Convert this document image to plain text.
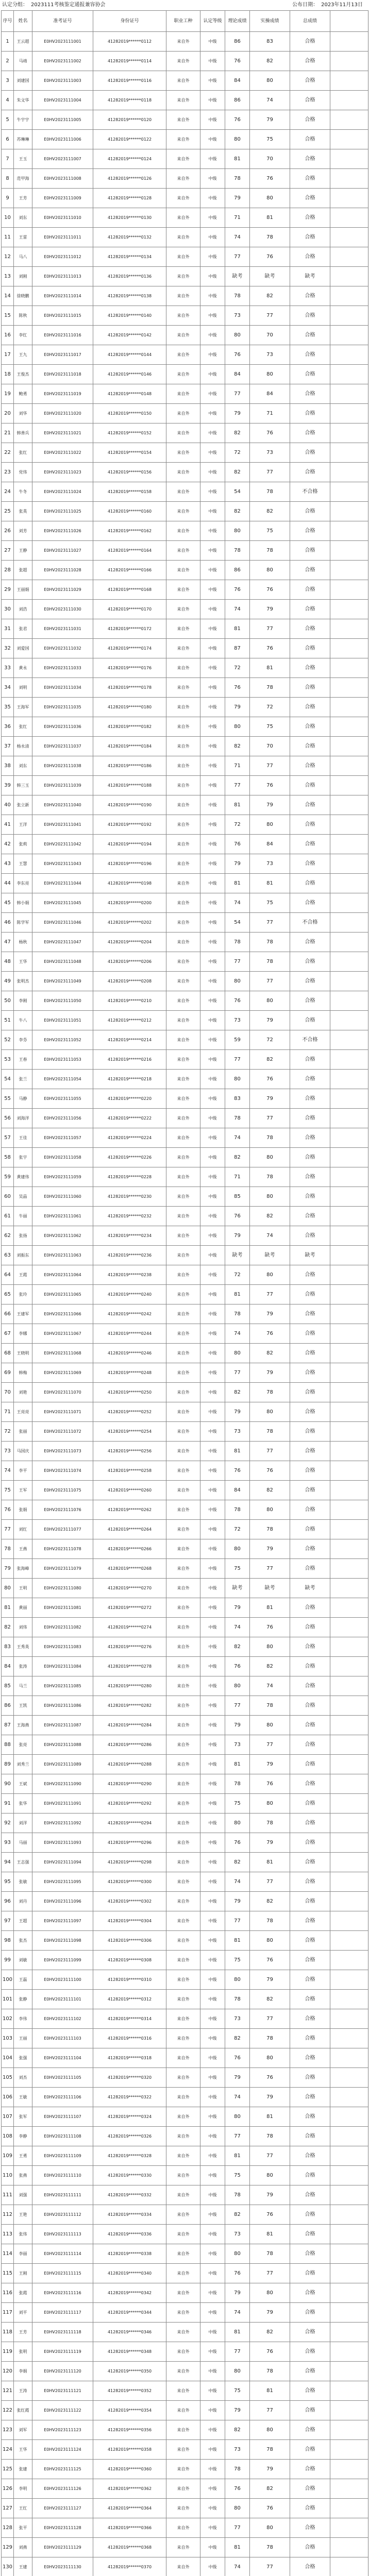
认定分组： 2023111考核鉴定通报兼容协会	公布日期： 2023年11月13日
序号	姓名	准考证号	身份证号	职业工种	认定等级	理论成绩	实操成绩	总成绩	
1	王云超	E0HV2023111001	41282019******0112	来自外	中级	86	83	合格	
2	马靖	E0HV2023111002	41282019******0114	来自外	中级	76	82	合格	
3	刘建国	E0HV2023111003	41282019******0116	来自外	中级	84	80	合格	
4	朱文华	E0HV2023111004	41282019******0118	来自外	中级	86	74	合格	
5	牛宇宇	E0HV2023111005	41282019******0120	来自外	中级	76	79	合格	
6	苏琳琳	E0HV2023111006	41282019******0122	来自外	中级	80	75	合格	
7	王玉	E0HV2023111007	41282019******0124	来自外	中级	81	70	合格	
8	范甲海	E0HV2023111008	41282019******0126	来自外	中级	78	76	合格	
9	王芳	E0HV2023111009	41282019******0128	来自外	中级	79	80	合格	
10	刘东	E0HV2023111010	41282019******0130	来自外	中级	71	81	合格	
11	王雷	E0HV2023111011	41282019******0132	来自外	中级	74	78	合格	
12	马八	E0HV2023111012	41282019******0134	来自外	中级	77	76	合格	
13	刘刚	E0HV2023111013	41282019******0136	来自外	中级	缺考	缺考	缺考	
14	徐晓鹏	E0HV2023111014	41282019******0138	来自外	中级	78	82	合格	
15	陈秋	E0HV2023111015	41282019******0140	来自外	中级	73	77	合格	
16	李红	E0HV2023111016	41282019******0142	来自外	中级	80	70	合格	
17	王九	E0HV2023111017	41282019******0144	来自外	中级	76	73	合格	
18	王俊杰	E0HV2023111018	41282019******0146	来自外	中级	84	80	合格	
19	鲍勇	E0HV2023111019	41282019******0148	来自外	中级	77	84	合格	
20	刘华	E0HV2023111020	41282019******0150	来自外	中级	79	71	合格	
21	韩善兵	E0HV2023111021	41282019******0152	来自外	中级	82	76	合格	
22	张红	E0HV2023111022	41282019******0154	来自外	中级	72	73	合格	
23	党伟	E0HV2023111023	41282019******0156	来自外	中级	82	77	合格	
24	牛冬	E0HV2023111024	41282019******0158	来自外	中级	54	78	不合格	
25	张英	E0HV2023111025	41282019******0160	来自外	中级	82	82	合格	
26	刘芳	E0HV2023111026	41282019******0162	来自外	中级	80	75	合格	
27	王静	E0HV2023111027	41282019******0164	来自外	中级	78	78	合格	
28	张超	E0HV2023111028	41282019******0166	来自外	中级	86	80	合格	
29	王丽娟	E0HV2023111029	41282019******0168	来自外	中级	76	76	合格	
30	刘浩	E0HV2023111030	41282019******0170	来自外	中级	74	79	合格	
31	张君	E0HV2023111031	41282019******0172	来自外	中级	81	77	合格	
32	刘爱国	E0HV2023111032	41282019******0174	来自外	中级	87	76	合格	
33	黄永	E0HV2023111033	41282019******0176	来自外	中级	72	81	合格	
34	刘明	E0HV2023111034	41282019******0178	来自外	中级	76	78	合格	
35	王海军	E0HV2023111035	41282019******0180	来自外	中级	79	72	合格	
36	张红	E0HV2023111036	41282019******0182	来自外	中级	80	75	合格	
37	杨永清	E0HV2023111037	41282019******0184	来自外	中级	82	70	合格	
38	刘东	E0HV2023111038	41282019******0186	来自外	中级	71	77	合格	
39	韩三玉	E0HV2023111039	41282019******0188	来自外	中级	77	76	合格	
40	张立新	E0HV2023111040	41282019******0190	来自外	中级	81	79	合格	
41	王洋	E0HV2023111041	41282019******0192	来自外	中级	72	80	合格	
42	张莉	E0HV2023111042	41282019******0194	来自外	中级	76	84	合格	
43	王慧	E0HV2023111043	41282019******0196	来自外	中级	79	73	合格	
44	李东亮	E0HV2023111044	41282019******0198	来自外	中级	81	81	合格	
45	韩小娟	E0HV2023111045	41282019******0200	来自外	中级	74	75	合格	
46	陈学军	E0HV2023111046	41282019******0202	来自外	中级	54	77	不合格	
47	杨秋	E0HV2023111047	41282019******0204	来自外	中级	78	78	合格	
48	王华	E0HV2023111048	41282019******0206	来自外	中级	77	78	合格	
49	张明杰	E0HV2023111049	41282019******0208	来自外	中级	80	77	合格	
50	李刚	E0HV2023111050	41282019******0210	来自外	中级	76	80	合格	
51	牛八	E0HV2023111051	41282019******0212	来自外	中级	73	79	合格	
52	李芬	E0HV2023111052	41282019******0214	来自外	中级	59	72	不合格	
53	王春	E0HV2023111053	41282019******0216	来自外	中级	77	82	合格	
54	张兰	E0HV2023111054	41282019******0218	来自外	中级	80	76	合格	
55	马静	E0HV2023111055	41282019******0220	来自外	中级	83	79	合格	
56	刘海洋	E0HV2023111056	41282019******0222	来自外	中级	78	77	合格	
57	王佳	E0HV2023111057	41282019******0224	来自外	中级	74	78	合格	
58	张宇	E0HV2023111058	41282019******0226	来自外	中级	82	80	合格	
59	黄建伟	E0HV2023111059	41282019******0228	来自外	中级	71	78	合格	
60	吴晶	E0HV2023111060	41282019******0230	来自外	中级	85	80	合格	
61	牛丽	E0HV2023111061	41282019******0232	来自外	中级	76	82	合格	
62	张扬	E0HV2023111062	41282019******0234	来自外	中级	79	74	合格	
63	刘振东	E0HV2023111063	41282019******0236	来自外	中级	缺考	缺考	缺考	
64	王霞	E0HV2023111064	41282019******0238	来自外	中级	72	80	合格	
65	张玲	E0HV2023111065	41282019******0240	来自外	中级	81	77	合格	
66	王建军	E0HV2023111066	41282019******0242	来自外	中级	78	79	合格	
67	李娜	E0HV2023111067	41282019******0244	来自外	中级	74	76	合格	
68	王晓明	E0HV2023111068	41282019******0246	来自外	中级	80	82	合格	
69	韩梅	E0HV2023111069	41282019******0248	来自外	中级	77	79	合格	
70	刘艳	E0HV2023111070	41282019******0250	来自外	中级	82	78	合格	
71	王亮亮	E0HV2023111071	41282019******0252	来自外	中级	79	80	合格	
72	张丽	E0HV2023111072	41282019******0254	来自外	中级	73	78	合格	
73	马国庆	E0HV2023111073	41282019******0256	来自外	中级	81	77	合格	
74	李平	E0HV2023111074	41282019******0258	来自外	中级	76	76	合格	
75	王军	E0HV2023111075	41282019******0260	来自外	中级	84	82	合格	
76	张娟	E0HV2023111076	41282019******0262	来自外	中级	78	80	合格	
77	刘红	E0HV2023111077	41282019******0264	来自外	中级	72	78	合格	
78	王燕	E0HV2023111078	41282019******0266	来自外	中级	80	79	合格	
79	张海峰	E0HV2023111079	41282019******0268	来自外	中级	75	77	合格	
80	王明	E0HV2023111080	41282019******0270	来自外	中级	缺考	缺考	缺考	
81	黄丽	E0HV2023111081	41282019******0272	来自外	中级	79	81	合格	
82	刘伟	E0HV2023111082	41282019******0274	来自外	中级	74	76	合格	
83	王秀英	E0HV2023111083	41282019******0276	来自外	中级	82	80	合格	
84	张涛	E0HV2023111084	41282019******0278	来自外	中级	76	82	合格	
85	马兰	E0HV2023111085	41282019******0280	来自外	中级	80	74	合格	
86	王凯	E0HV2023111086	41282019******0282	来自外	中级	77	78	合格	
87	王海燕	E0HV2023111087	41282019******0284	来自外	中级	79	80	合格	
88	张亮	E0HV2023111088	41282019******0286	来自外	中级	73	77	合格	
89	刘秀兰	E0HV2023111089	41282019******0288	来自外	中级	81	79	合格	
90	王斌	E0HV2023111090	41282019******0290	来自外	中级	78	76	合格	
91	张华	E0HV2023111091	41282019******0292	来自外	中级	75	80	合格	
92	刘洋	E0HV2023111092	41282019******0294	来自外	中级	80	78	合格	
93	马丽	E0HV2023111093	41282019******0296	来自外	中级	76	79	合格	
94	王志强	E0HV2023111094	41282019******0298	来自外	中级	82	81	合格	
95	张敏	E0HV2023111095	41282019******0300	来自外	中级	74	77	合格	
96	刘丹	E0HV2023111096	41282019******0302	来自外	中级	79	82	合格	
97	王超	E0HV2023111097	41282019******0304	来自外	中级	77	78	合格	
98	张杰	E0HV2023111098	41282019******0306	来自外	中级	81	80	合格	
99	刘敏	E0HV2023111099	41282019******0308	来自外	中级	75	76	合格	
100	王磊	E0HV2023111100	41282019******0310	来自外	中级	80	79	合格	
101	张静	E0HV2023111101	41282019******0312	来自外	中级	78	82	合格	
102	李伟	E0HV2023111102	41282019******0314	来自外	中级	73	77	合格	
103	王丽	E0HV2023111103	41282019******0316	来自外	中级	82	78	合格	
104	张强	E0HV2023111104	41282019******0318	来自外	中级	76	80	合格	
105	刘杰	E0HV2023111105	41282019******0320	来自外	中级	79	76	合格	
106	王敏	E0HV2023111106	41282019******0322	来自外	中级	74	79	合格	
107	张军	E0HV2023111107	41282019******0324	来自外	中级	80	81	合格	
108	李静	E0HV2023111108	41282019******0326	来自外	中级	77	78	合格	
109	王勇	E0HV2023111109	41282019******0328	来自外	中级	81	77	合格	
110	张燕	E0HV2023111110	41282019******0330	来自外	中级	75	80	合格	
111	刘强	E0HV2023111111	41282019******0332	来自外	中级	78	79	合格	
112	王艳	E0HV2023111112	41282019******0334	来自外	中级	82	76	合格	
113	张伟	E0HV2023111113	41282019******0336	来自外	中级	73	81	合格	
114	李丽	E0HV2023111114	41282019******0338	来自外	中级	80	78	合格	
115	王刚	E0HV2023111115	41282019******0340	来自外	中级	76	77	合格	
116	张霞	E0HV2023111116	41282019******0342	来自外	中级	79	80	合格	
117	刘平	E0HV2023111117	41282019******0344	来自外	中级	74	79	合格	
118	王芳	E0HV2023111118	41282019******0346	来自外	中级	81	82	合格	
119	张明	E0HV2023111119	41282019******0348	来自外	中级	77	76	合格	
120	李娟	E0HV2023111120	41282019******0350	来自外	中级	80	78	合格	
121	王涛	E0HV2023111121	41282019******0352	来自外	中级	75	81	合格	
122	张红霞	E0HV2023111122	41282019******0354	来自外	中级	79	77	合格	
123	刘军	E0HV2023111123	41282019******0356	来自外	中级	82	80	合格	
124	王华	E0HV2023111124	41282019******0358	来自外	中级	73	78	合格	
125	张建	E0HV2023111125	41282019******0360	来自外	中级	78	79	合格	
126	李明	E0HV2023111126	41282019******0362	来自外	中级	76	82	合格	
127	王红	E0HV2023111127	41282019******0364	来自外	中级	80	76	合格	
128	张平	E0HV2023111128	41282019******0366	来自外	中级	77	80	合格	
129	刘燕	E0HV2023111129	41282019******0368	来自外	中级	81	78	合格	
130	王建	E0HV2023111130	41282019******0370	来自外	中级	74	77	合格	
